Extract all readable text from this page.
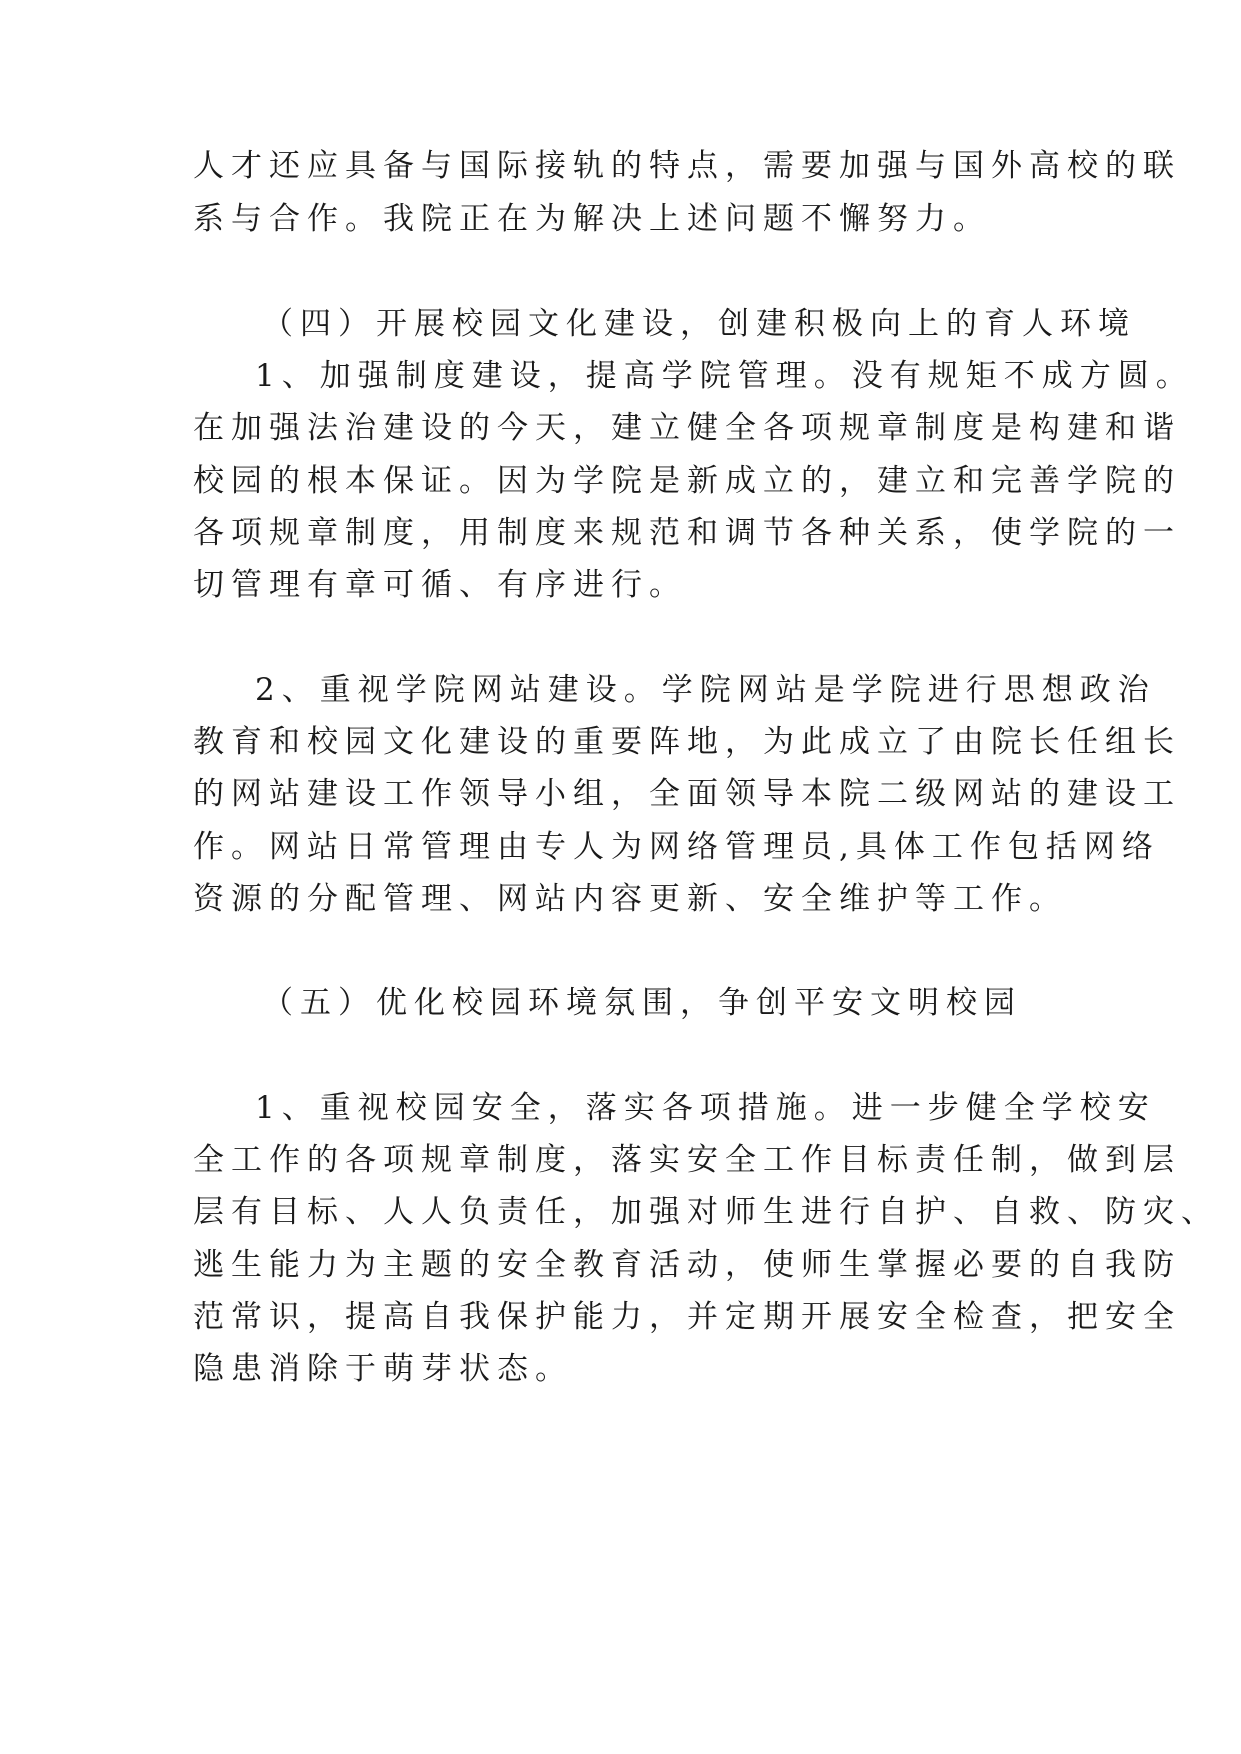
人才还应具备与国际接轨的特点，需要加强与国外高校的联
系与合作。我院正在为解决上述问题不懈努力。
（四）开展校园文化建设，创建积极向上的育人环境
1、加强制度建设，提高学院管理。没有规矩不成方圆。
在加强法治建设的今天，建立健全各项规章制度是构建和谐
校园的根本保证。因为学院是新成立的，建立和完善学院的
各项规章制度，用制度来规范和调节各种关系，使学院的一
切管理有章可循、有序进行。
2、重视学院网站建设。学院网站是学院进行思想政治
教育和校园文化建设的重要阵地，为此成立了由院长任组长
的网站建设工作领导小组，全面领导本院二级网站的建设工
作。网站日常管理由专人为网络管理员,具体工作包括网络
资源的分配管理、网站内容更新、安全维护等工作。
（五）优化校园环境氛围，争创平安文明校园
1、重视校园安全，落实各项措施。进一步健全学校安
全工作的各项规章制度，落实安全工作目标责任制，做到层
层有目标、人人负责任，加强对师生进行自护、自救、防灾、
逃生能力为主题的安全教育活动，使师生掌握必要的自我防
范常识，提高自我保护能力，并定期开展安全检查，把安全
隐患消除于萌芽状态。
